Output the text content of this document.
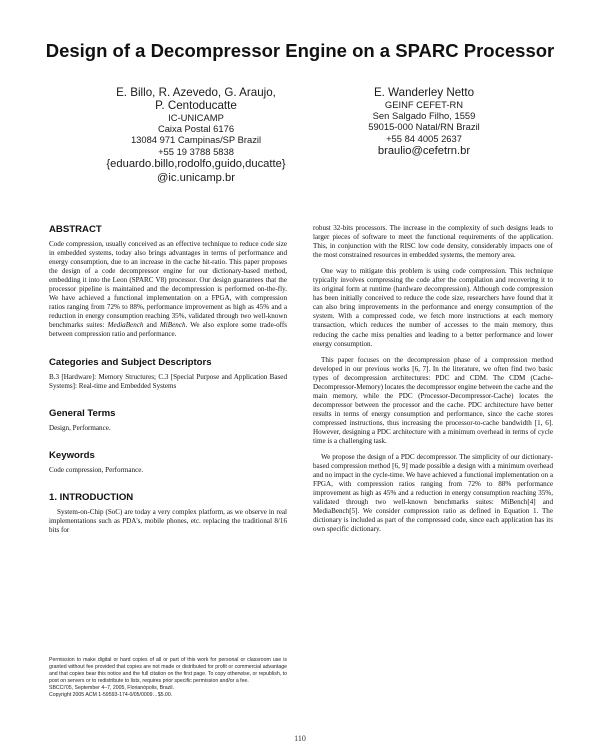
Design of a Decompressor Engine on a SPARC Processor
E. Billo, R. Azevedo, G. Araujo,
P. Centoducatte
IC-UNICAMP
Caixa Postal 6176
13084 971 Campinas/SP Brazil
+55 19 3788 5838
{eduardo.billo,rodolfo,guido,ducatte}
@ic.unicamp.br
E. Wanderley Netto
GEINF CEFET-RN
Sen Salgado Filho, 1559
59015-000 Natal/RN Brazil
+55 84 4005 2637
braulio@cefetrn.br
ABSTRACT

Code compression, usually conceived as an effective technique to reduce code size in embedded systems, today also brings advantages in terms of performance and energy consumption, due to an increase in the cache hit-ratio. This paper proposes the design of a code decompressor engine for our dictionary-based method, embedding it into the Leon (SPARC V8) processor. Our design guarantees that the processor pipeline is maintained and the decompression is performed on-the-fly. We have achieved a functional implementation on a FPGA, with compression ratios ranging from 72% to 88%, performance improvement as high as 45% and a reduction in energy consumption reaching 35%, validated through two well-known benchmarks suites: MediaBench and MiBench. We also explore some trade-offs between compression ratio and performance.

Categories and Subject Descriptors

B.3 [Hardware]: Memory Structures; C.3 [Special Purpose and Application Based Systems]: Real-time and Embedded Systems

General Terms

Design, Performance.

Keywords

Code compression, Performance.

1. INTRODUCTION

System-on-Chip (SoC) are today a very complex platform, as we observe in real implementations such as PDA's, mobile phones, etc. replacing the traditional 8/16 bits for

Permission to make digital or hard copies of all or part of this work for personal or classroom use is granted without fee provided that copies are not made or distributed for profit or commercial advantage and that copies bear this notice and the full citation on the first page. To copy otherwise, or republish, to post on servers or to redistribute to lists, requires prior specific permission and/or a fee.
SBCCI'05, September 4–7, 2005, Florianópolis, Brazil.
Copyright 2005 ACM 1-59593-174-0/05/0009…$5.00.

robust 32-bits processors. The increase in the complexity of such designs leads to larger pieces of software to meet the functional requirements of the application. This, in conjunction with the RISC low code density, considerably impacts one of the most constrained resources in embedded systems, the memory area.

One way to mitigate this problem is using code compression. This technique typically involves compressing the code after the compilation and recovering it to its original form at runtime (hardware decompression). Although code compression has been initially conceived to reduce the code size, researchers have found that it can also bring improvements in the performance and energy consumption of the system. With a compressed code, we fetch more instructions at each memory transaction, which reduces the number of accesses to the main memory, thus reducing the cache miss penalties and leading to a better performance and lower energy consumption.

This paper focuses on the decompression phase of a compression method developed in our previous works [6, 7]. In the literature, we often find two basic types of decompression architectures: PDC and CDM. The CDM (Cache-Decompressor-Memory) locates the decompressor engine between the cache and the main memory, while the PDC (Processor-Decompressor-Cache) locates the decompressor between the processor and the cache. PDC architecture have better results in terms of energy consumption and performance, since the cache stores compressed instructions, thus increasing the processor-to-cache bandwidth [1, 6]. However, designing a PDC architecture with a minimum overhead in terms of cycle time is a challenging task.

We propose the design of a PDC decompressor. The simplicity of our dictionary-based compression method [6, 9] made possible a design with a minimum overhead and no impact in the cycle-time. We have achieved a functional implementation on a FPGA, with compression ratios ranging from 72% to 88% performance improvement as high as 45% and a reduction in energy consumption reaching 35%, validated through two well-known benchmarks suites: MiBench[4] and MediaBench[5]. We consider compression ratio as defined in Equation 1. The dictionary is included as part of the compressed code, since each application has its own specific dictionary.

110
